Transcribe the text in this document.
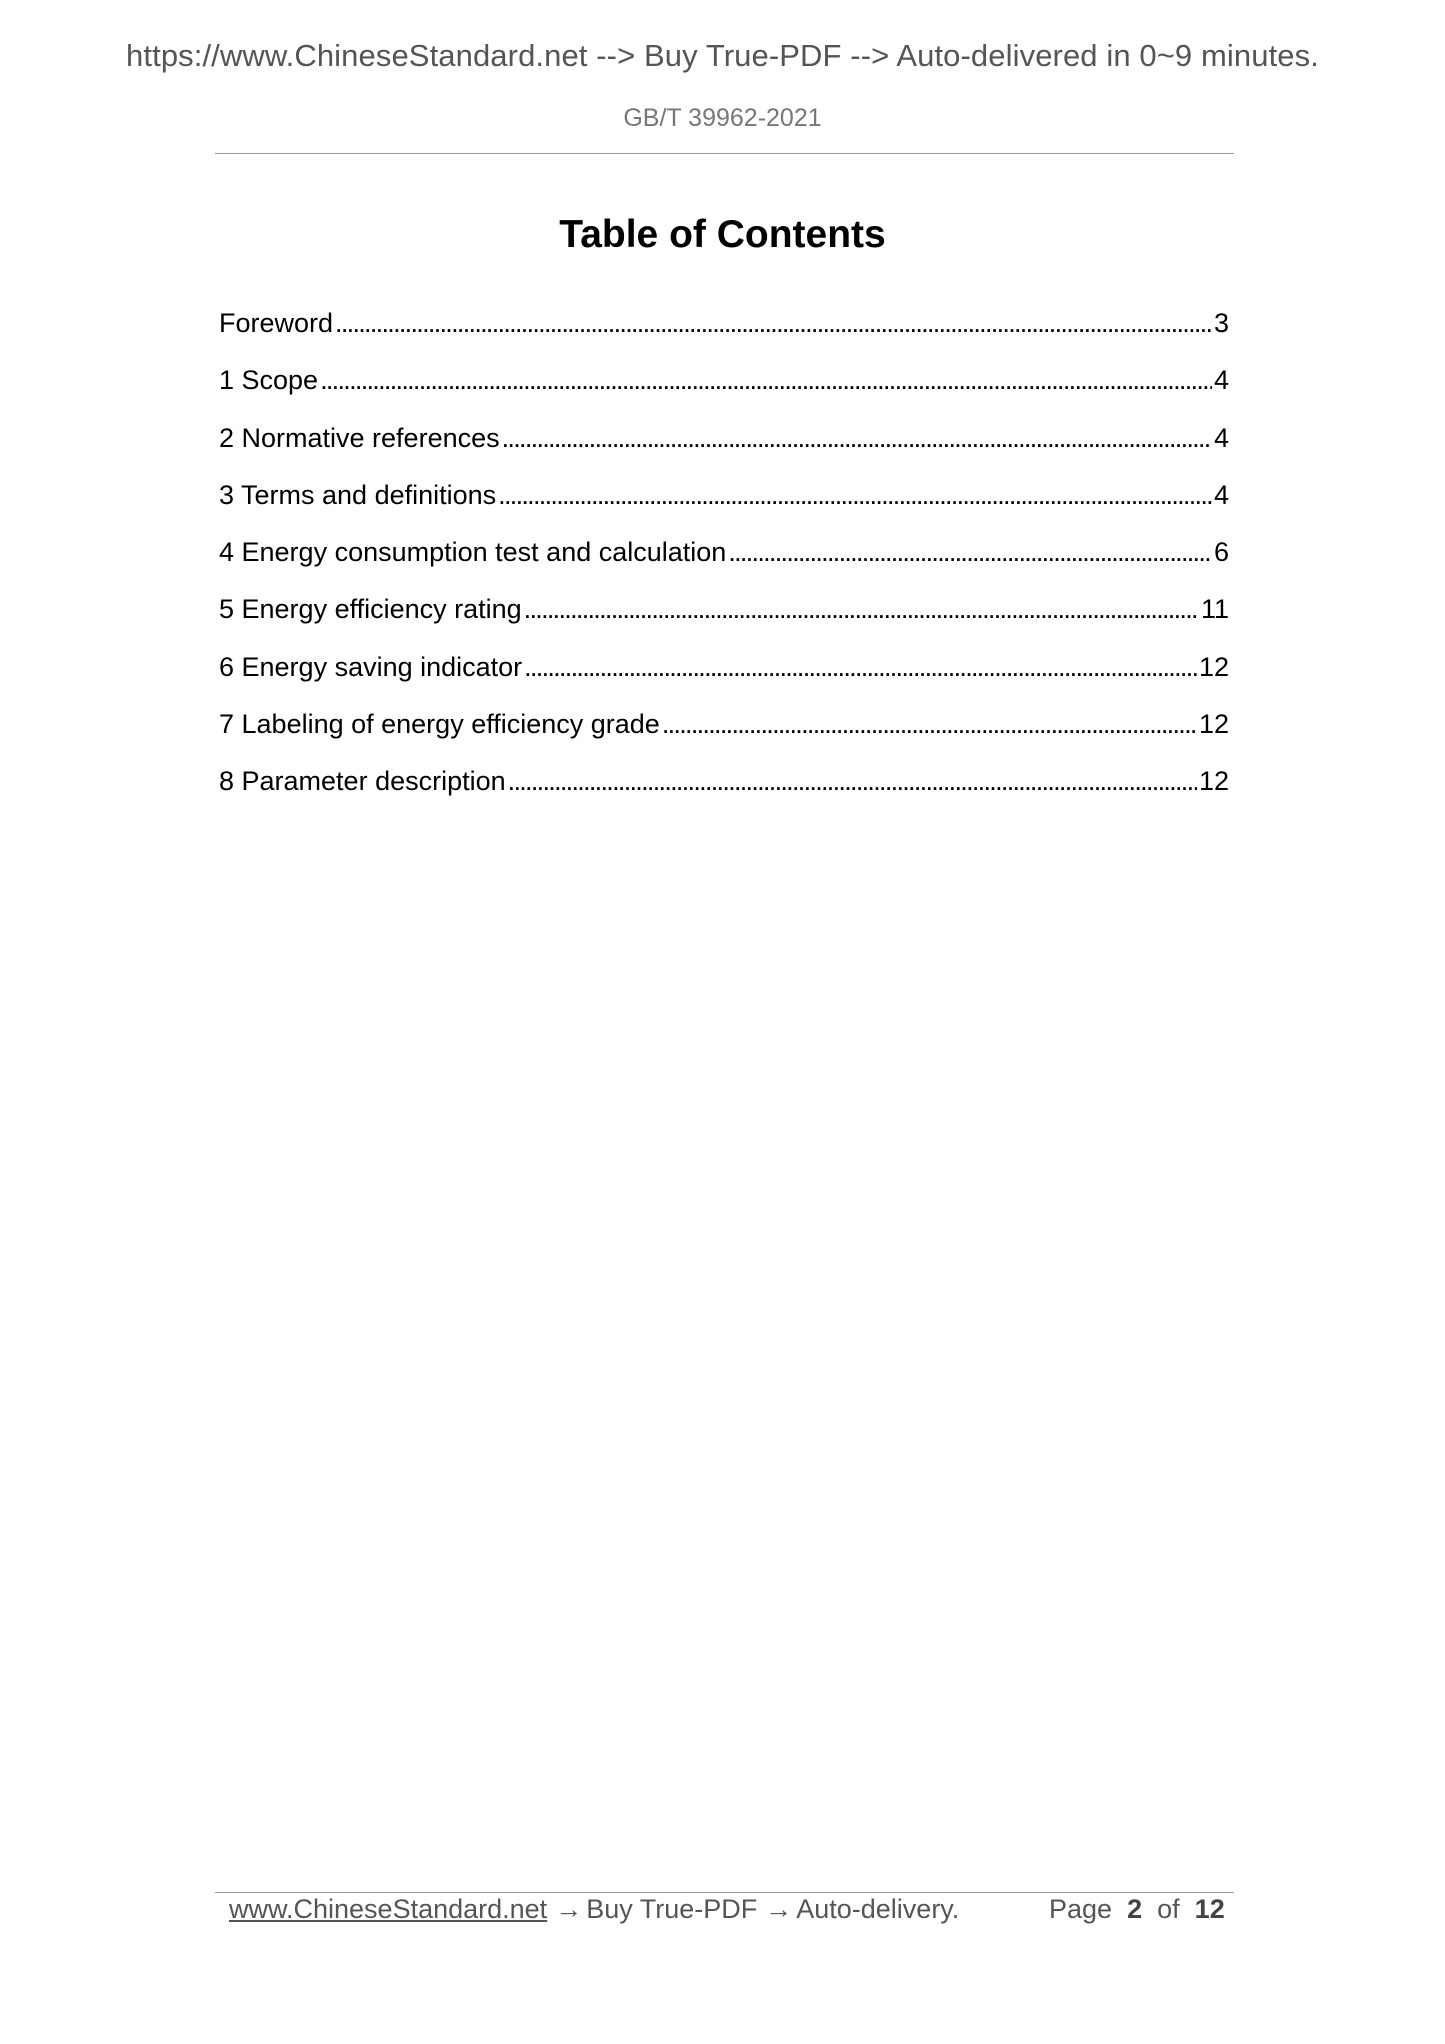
https://www.ChineseStandard.net --> Buy True-PDF --> Auto-delivered in 0~9 minutes.
GB/T 39962-2021
Table of Contents
Foreword . . .	3
1 Scope . . .	4
2 Normative references . . .	4
3 Terms and definitions . . .	4
4 Energy consumption test and calculation . . .	6
5 Energy efficiency rating . . .	11
6 Energy saving indicator . . .	12
7 Labeling of energy efficiency grade . . .	12
8 Parameter description . . .	12
www.ChineseStandard.net → Buy True-PDF → Auto-delivery.	Page 2 of 12
